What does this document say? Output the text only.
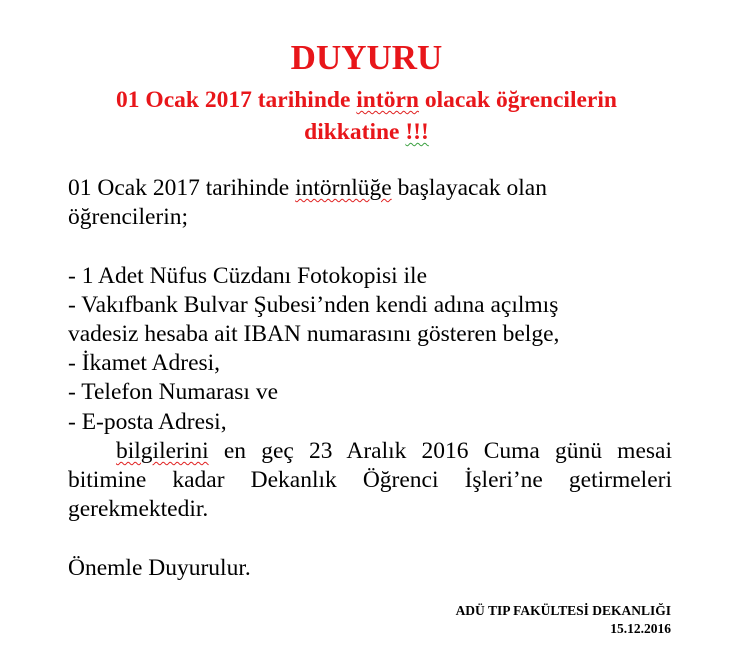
DUYURU
01 Ocak 2017 tarihinde intörn olacak öğrencilerin
dikkatine !!!
01 Ocak 2017 tarihinde intörnlüğe başlayacak olan
öğrencilerin;
- 1 Adet Nüfus Cüzdanı Fotokopisi ile
- Vakıfbank Bulvar Şubesi’nden kendi adına açılmış
vadesiz hesaba ait IBAN numarasını gösteren belge,
- İkamet Adresi,
- Telefon Numarası ve
- E-posta Adresi,
bilgilerini en geç 23 Aralık 2016 Cuma günü mesai
bitimine kadar Dekanlık Öğrenci İşleri’ne getirmeleri
gerekmektedir.
Önemle Duyurulur.
ADÜ TIP FAKÜLTESİ DEKANLIĞI
15.12.2016
